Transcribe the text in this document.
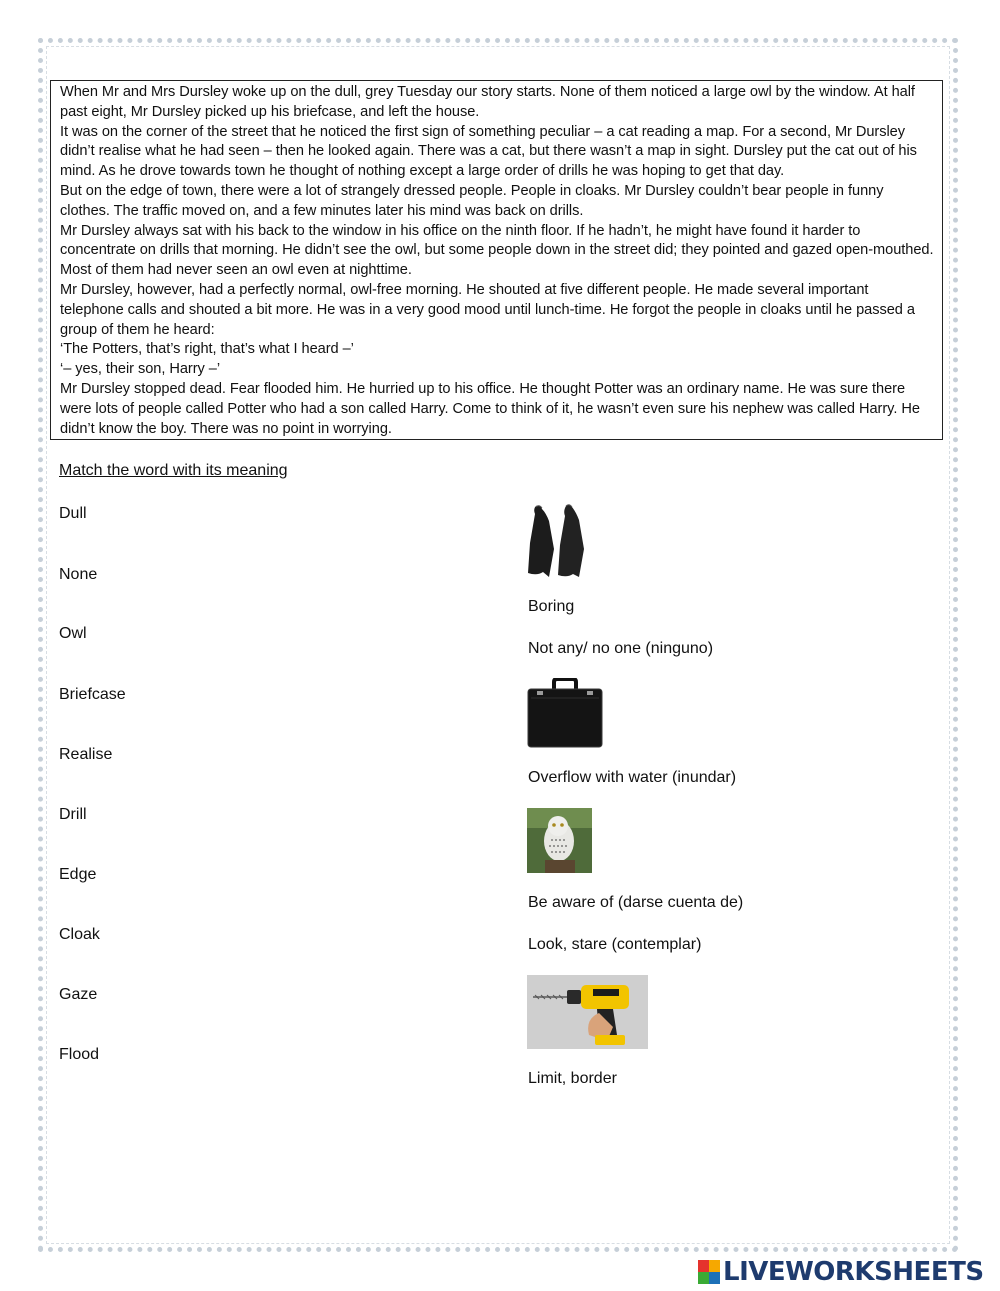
When Mr and Mrs Dursley woke up on the dull, grey Tuesday our story starts. None of them noticed a large owl by the window. At half past eight, Mr Dursley picked up his briefcase, and left the house.

It was on the corner of the street that he noticed the first sign of something peculiar – a cat reading a map. For a second, Mr Dursley didn’t realise what he had seen – then he looked again. There was a cat, but there wasn’t a map in sight. Dursley put the cat out of his mind. As he drove towards town he thought of nothing except a large order of drills he was hoping to get that day.

But on the edge of town, there were a lot of strangely dressed people. People in cloaks. Mr Dursley couldn’t bear people in funny clothes. The traffic moved on, and a few minutes later his mind was back on drills.

Mr Dursley always sat with his back to the window in his office on the ninth floor. If he hadn’t, he might have found it harder to concentrate on drills that morning. He didn’t see the owl, but some people down in the street did; they pointed and gazed open-mouthed. Most of them had never seen an owl even at nighttime.

Mr Dursley, however, had a perfectly normal, owl-free morning. He shouted at five different people. He made several important telephone calls and shouted a bit more. He was in a very good mood until lunch-time. He forgot the people in cloaks until he passed a group of them he heard:

‘The Potters, that’s right, that’s what I heard –’

‘– yes, their son, Harry –’

Mr Dursley stopped dead. Fear flooded him. He hurried up to his office. He thought Potter was an ordinary name. He was sure there were lots of people called Potter who had a son called Harry. Come to think of it, he wasn’t even sure his nephew was called Harry. He didn’t know the boy. There was no point in worrying.

Match the word with its meaning
Dull
None
Owl
Briefcase
Realise
Drill
Edge
Cloak
Gaze
Flood
Boring
Not any/ no one (ninguno)
Overflow with water (inundar)
Be aware of (darse cuenta de)
Look, stare (contemplar)
Limit, border
LIVEWORKSHEETS
